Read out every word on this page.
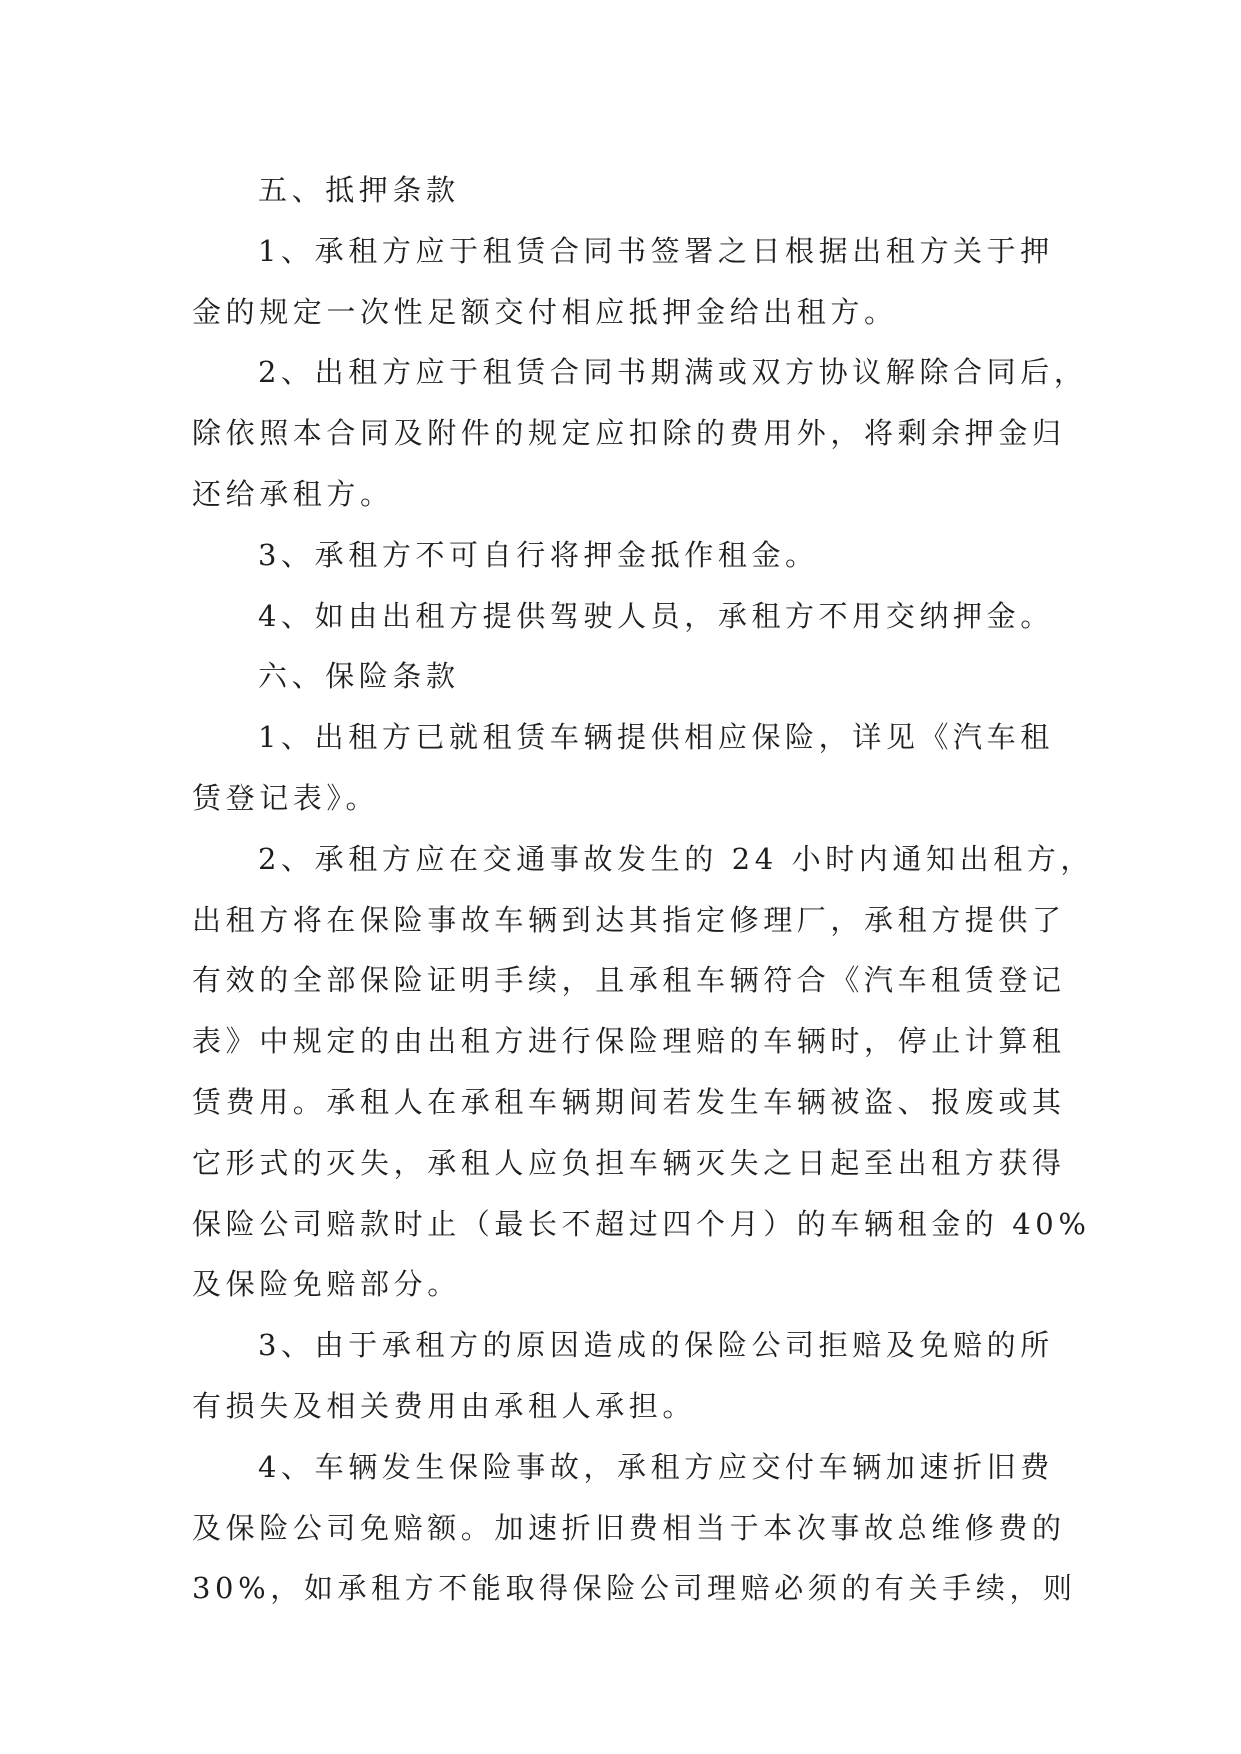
五、抵押条款
1、承租方应于租赁合同书签署之日根据出租方关于押
金的规定一次性足额交付相应抵押金给出租方。
2、出租方应于租赁合同书期满或双方协议解除合同后，
除依照本合同及附件的规定应扣除的费用外，将剩余押金归
还给承租方。
3、承租方不可自行将押金抵作租金。
4、如由出租方提供驾驶人员，承租方不用交纳押金。
六、保险条款
1、出租方已就租赁车辆提供相应保险，详见《汽车租
赁登记表》。
2、承租方应在交通事故发生的 24 小时内通知出租方，
出租方将在保险事故车辆到达其指定修理厂，承租方提供了
有效的全部保险证明手续，且承租车辆符合《汽车租赁登记
表》中规定的由出租方进行保险理赔的车辆时，停止计算租
赁费用。承租人在承租车辆期间若发生车辆被盗、报废或其
它形式的灭失，承租人应负担车辆灭失之日起至出租方获得
保险公司赔款时止（最长不超过四个月）的车辆租金的 40%
及保险免赔部分。
3、由于承租方的原因造成的保险公司拒赔及免赔的所
有损失及相关费用由承租人承担。
4、车辆发生保险事故，承租方应交付车辆加速折旧费
及保险公司免赔额。加速折旧费相当于本次事故总维修费的
30%，如承租方不能取得保险公司理赔必须的有关手续，则
